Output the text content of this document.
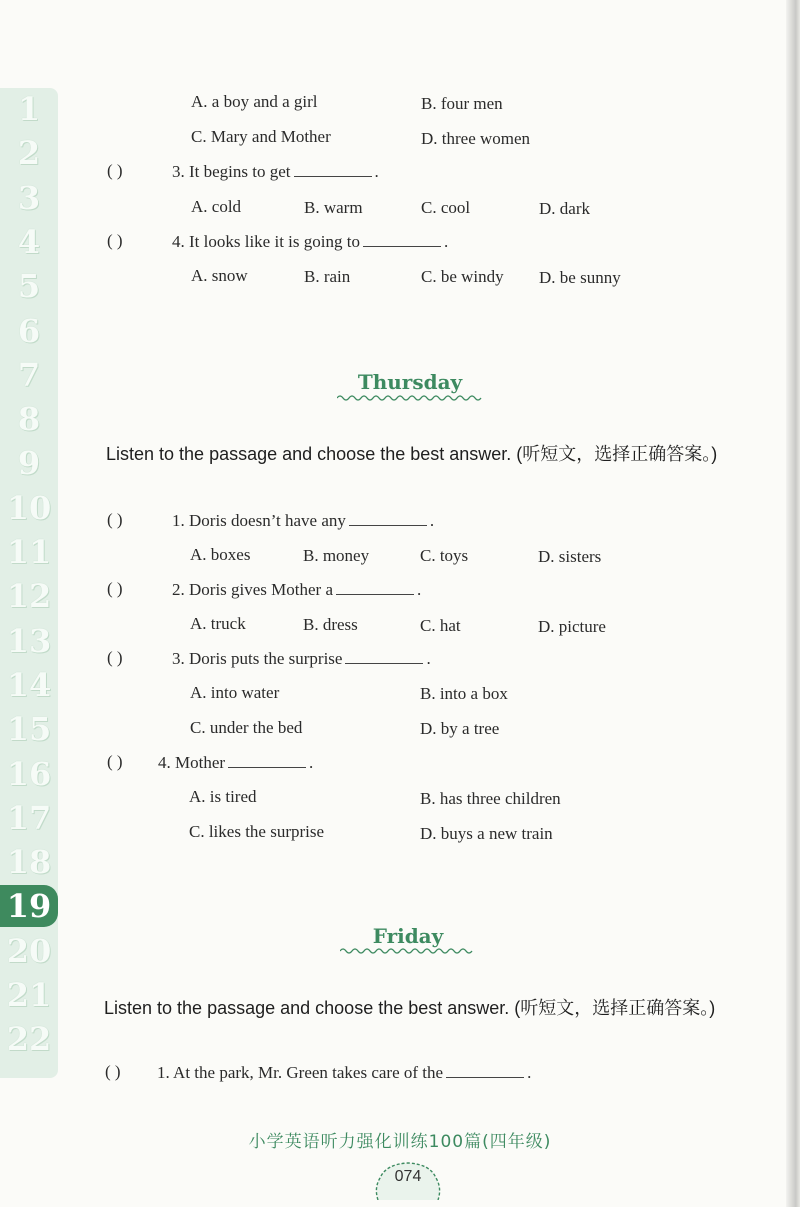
1
2
3
4
5
6
7
8
9
10
11
12
13
14
15
16
17
18
19
20
21
22
A. a boy and a girl	B. four men
C. Mary and Mother	D. three women
( )	3. It begins to get	.
A. cold	B. warm	C. cool	D. dark
( )	4. It looks like it is going to	.
A. snow	B. rain	C. be windy D. be sunny
Thursday
Listen to the passage and choose the best answer. (听短文，选择正确答案。)
( )	1. Doris doesn’t have any	.
A. boxes	B. money	C. toys	D. sisters
( )	2. Doris gives Mother a	.
A. truck	B. dress	C. hat	D. picture
( )	3. Doris puts the surprise	.
A. into water	B. into a box
C. under the bed	D. by a tree
( ) 4. Mother	.
A. is tired	B. has three children
C. likes the surprise	D. buys a new train
Friday
Listen to the passage and choose the best answer. (听短文，选择正确答案。)
( ) 1. At the park, Mr. Green takes care of the	.
小学英语听力强化训练100篇(四年级)
074
